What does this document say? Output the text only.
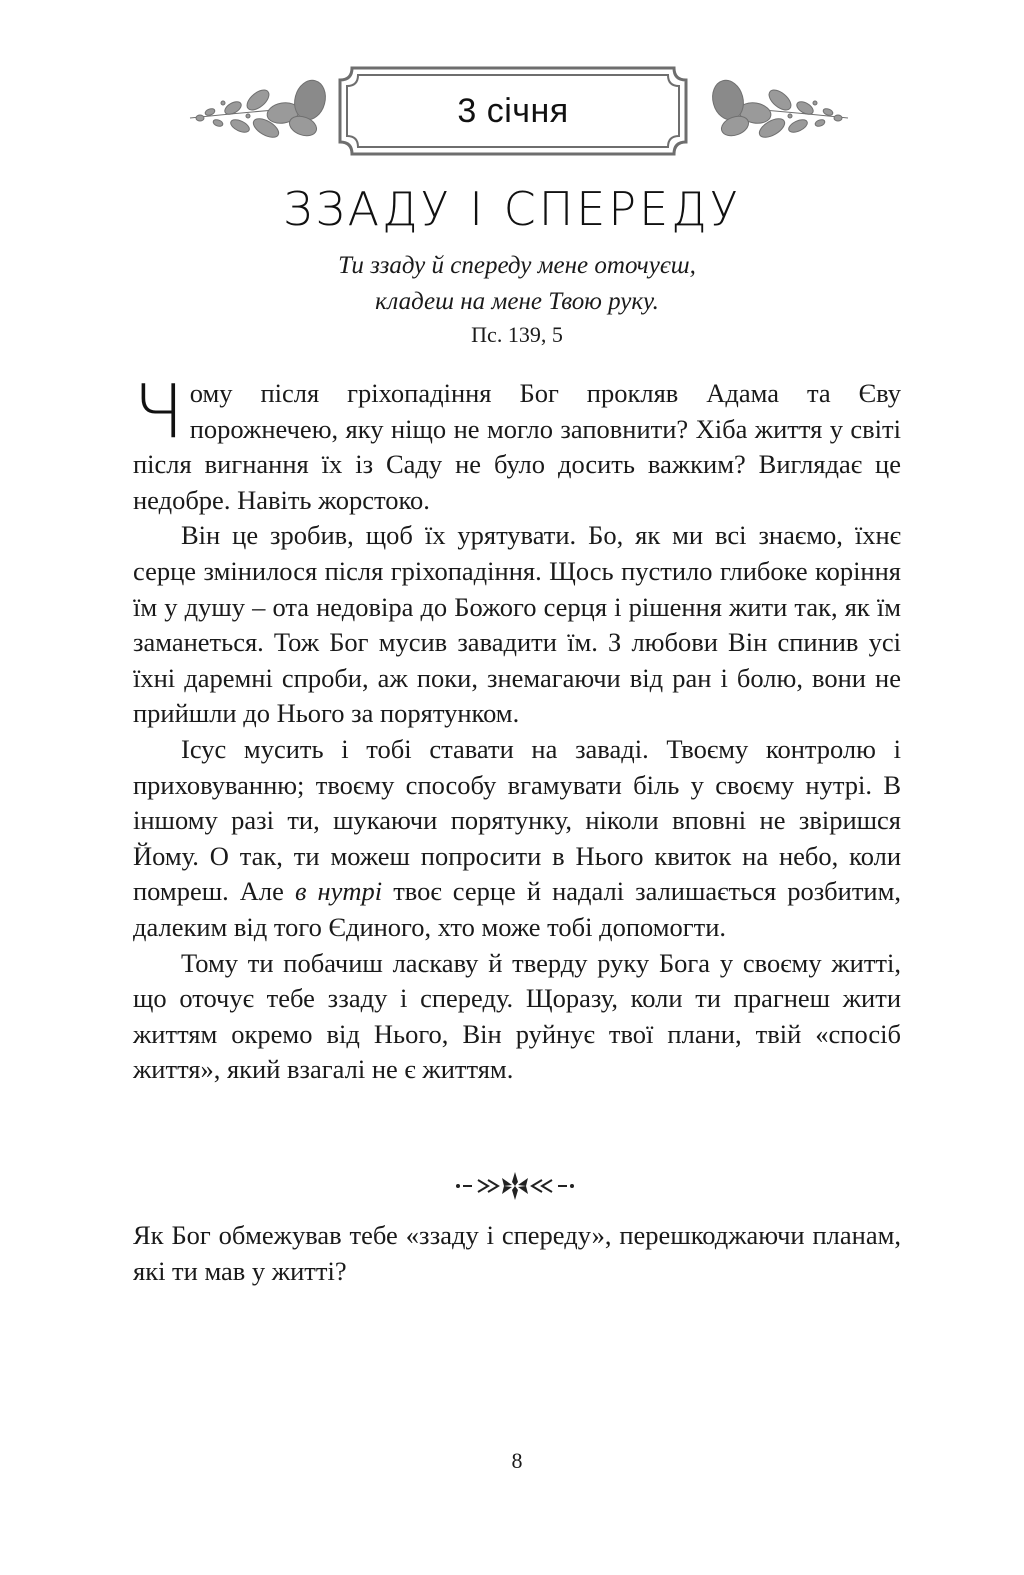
3 січня
ЗЗАДУ І СПЕРЕДУ
Ти ззаду й спереду мене оточуєш,
кладеш на мене Твою руку.
Пс. 139, 5

Чому після гріхопадіння Бог прокляв Адама та Єву порожнечею, яку ніщо не могло заповнити? Хіба життя у світі після вигнання їх із Саду не було досить важким? Виглядає це недобре. Навіть жорстоко.

Він це зробив, щоб їх урятувати. Бо, як ми всі знаємо, їхнє серце змінилося після гріхопадіння. Щось пустило глибоке коріння їм у душу – ота недовіра до Божого серця і рішення жити так, як їм заманеться. Тож Бог мусив завадити їм. З любови Він спинив усі їхні даремні спроби, аж поки, знемагаючи від ран і болю, вони не прийшли до Нього за порятунком.

Ісус мусить і тобі ставати на заваді. Твоєму контролю і приховуванню; твоєму способу вгамувати біль у своєму нутрі. В іншому разі ти, шукаючи порятунку, ніколи вповні не звіришся Йому. О так, ти можеш попросити в Нього квиток на небо, коли помреш. Але в нутрі твоє серце й надалі залишається розбитим, далеким від того Єдиного, хто може тобі допомогти.

Тому ти побачиш ласкаву й тверду руку Бога у своєму житті, що оточує тебе ззаду і спереду. Щоразу, коли ти прагнеш жити життям окремо від Нього, Він руйнує твої плани, твій «спосіб життя», який взагалі не є життям.

Як Бог обмежував тебе «ззаду і спереду», перешкоджаючи планам, які ти мав у житті?

8
